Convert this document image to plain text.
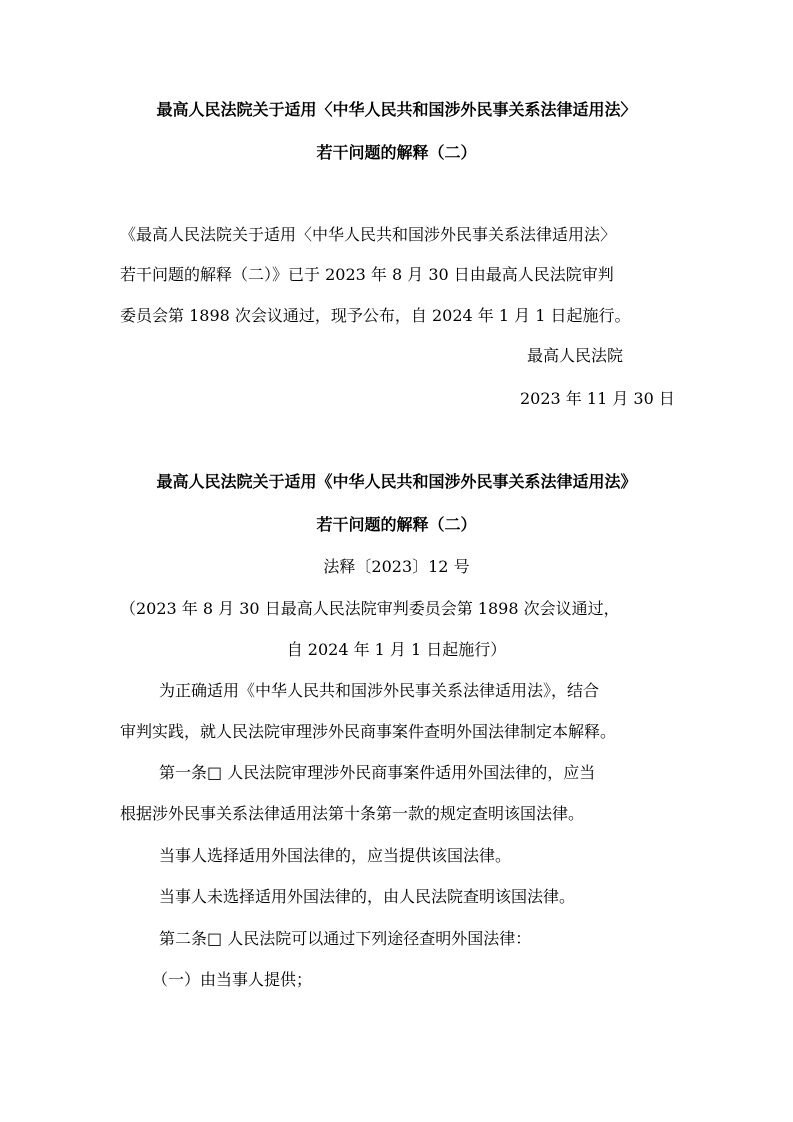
最高人民法院关于适用〈中华人民共和国涉外民事关系法律适用法〉
若干问题的解释（二）
《最高人民法院关于适用〈中华人民共和国涉外民事关系法律适用法〉
若干问题的解释（二）》已于 2023 年 8 月 30 日由最高人民法院审判
委员会第 1898 次会议通过，现予公布，自 2024 年 1 月 1 日起施行。
最高人民法院
2023 年 11 月 30 日
最高人民法院关于适用《中华人民共和国涉外民事关系法律适用法》
若干问题的解释（二）
法释〔2023〕12 号
（2023 年 8 月 30 日最高人民法院审判委员会第 1898 次会议通过，
自 2024 年 1 月 1 日起施行）
为正确适用《中华人民共和国涉外民事关系法律适用法》，结合
审判实践，就人民法院审理涉外民商事案件查明外国法律制定本解释。
第一条□ 人民法院审理涉外民商事案件适用外国法律的，应当
根据涉外民事关系法律适用法第十条第一款的规定查明该国法律。
当事人选择适用外国法律的，应当提供该国法律。
当事人未选择适用外国法律的，由人民法院查明该国法律。
第二条□ 人民法院可以通过下列途径查明外国法律：
（一）由当事人提供；
